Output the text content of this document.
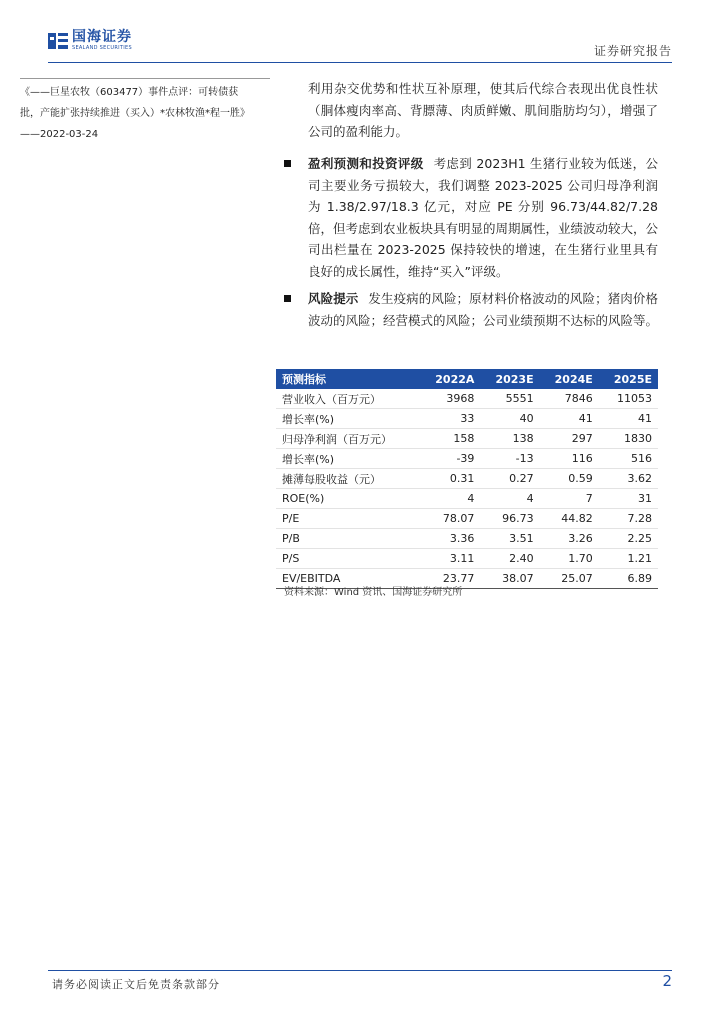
国海证券
SEALAND SECURITIES	证券研究报告
《——巨星农牧（603477）事件点评：可转债获
批，产能扩张持续推进（买入）*农林牧渔*程一胜》
——2022-03-24
利用杂交优势和性状互补原理，使其后代综合表现出优良性状（胴体瘦肉率高、背膘薄、肉质鲜嫩、肌间脂肪均匀），增强了公司的盈利能力。
盈利预测和投资评级 考虑到 2023H1 生猪行业较为低迷，公司主要业务亏损较大，我们调整 2023-2025 公司归母净利润为 1.38/2.97/18.3 亿元，对应 PE 分别 96.73/44.82/7.28 倍，但考虑到农业板块具有明显的周期属性，业绩波动较大，公司出栏量在 2023-2025 保持较快的增速，在生猪行业里具有良好的成长属性，维持“买入”评级。
风险提示 发生疫病的风险；原材料价格波动的风险；猪肉价格波动的风险；经营模式的风险；公司业绩预期不达标的风险等。
预测指标	2022A	2023E	2024E	2025E
营业收入（百万元）	3968	5551	7846	11053
增长率(%)	33	40	41	41
归母净利润（百万元）	158	138	297	1830
增长率(%)	-39	-13	116	516
摊薄每股收益（元）	0.31	0.27	0.59	3.62
ROE(%)	4	4	7	31
P/E	78.07	96.73	44.82	7.28
P/B	3.36	3.51	3.26	2.25
P/S	3.11	2.40	1.70	1.21
EV/EBITDA	23.77	38.07	25.07	6.89
资料来源：Wind 资讯、国海证券研究所
请务必阅读正文后免责条款部分	2
